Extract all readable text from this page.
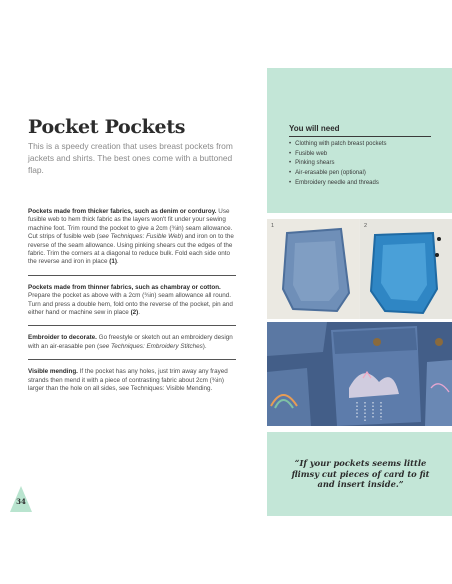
Pocket Pockets

This is a speedy creation that uses breast pockets from jackets and shirts. The best ones come with a buttoned flap.

Pockets made from thicker fabrics, such as denim or corduroy. Use fusible web to hem thick fabric as the layers won't fit under your sewing machine foot. Trim round the pocket to give a 2cm (¾in) seam allowance. Cut strips of fusible web (see Techniques: Fusible Web) and iron on to the reverse of the seam allowance. Using pinking shears cut the edges of the fabric. Trim the corners at a diagonal to reduce bulk. Fold each side onto the reverse and iron in place (1).

Pockets made from thinner fabrics, such as chambray or cotton. Prepare the pocket as above with a 2cm (¾in) seam allowance all round. Turn and press a double hem, fold onto the reverse of the pocket, pin and either hand or machine sew in place (2).

Embroider to decorate. Go freestyle or sketch out an embroidery design with an air-erasable pen (see Techniques: Embroidery Stitches).

Visible mending. If the pocket has any holes, just trim away any frayed strands then mend it with a piece of contrasting fabric about 2cm (¾in) larger than the hole on all sides, see Techniques: Visible Mending.

34
You will need
• Clothing with patch breast pockets
• Fusible web
• Pinking shears
• Air-erasable pen (optional)
• Embroidery needle and threads
1	2

“If your pockets seems little flimsy cut pieces of card to fit and insert inside.”
